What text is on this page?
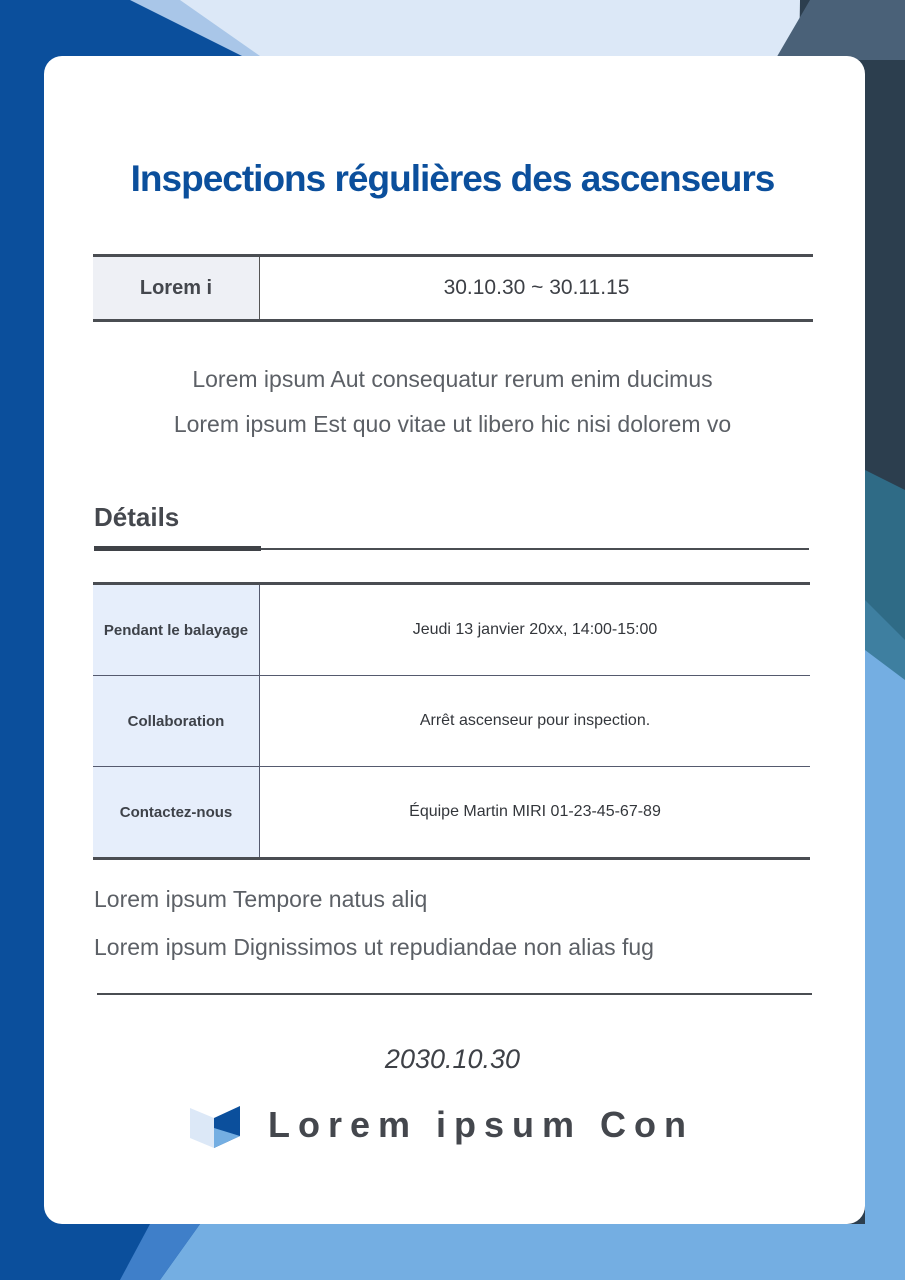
Inspections régulières des ascenseurs
Lorem i	30.10.30 ~ 30.11.15
Lorem ipsum Aut consequatur rerum enim ducimus
Lorem ipsum Est quo vitae ut libero hic nisi dolorem vo
Détails
Pendant le balayage	Jeudi 13 janvier 20xx, 14:00-15:00
Collaboration	Arrêt ascenseur pour inspection.
Contactez-nous	Équipe Martin MIRI 01-23-45-67-89
Lorem ipsum Tempore natus aliq
Lorem ipsum Dignissimos ut repudiandae non alias fug
2030.10.30
Lorem ipsum Con
